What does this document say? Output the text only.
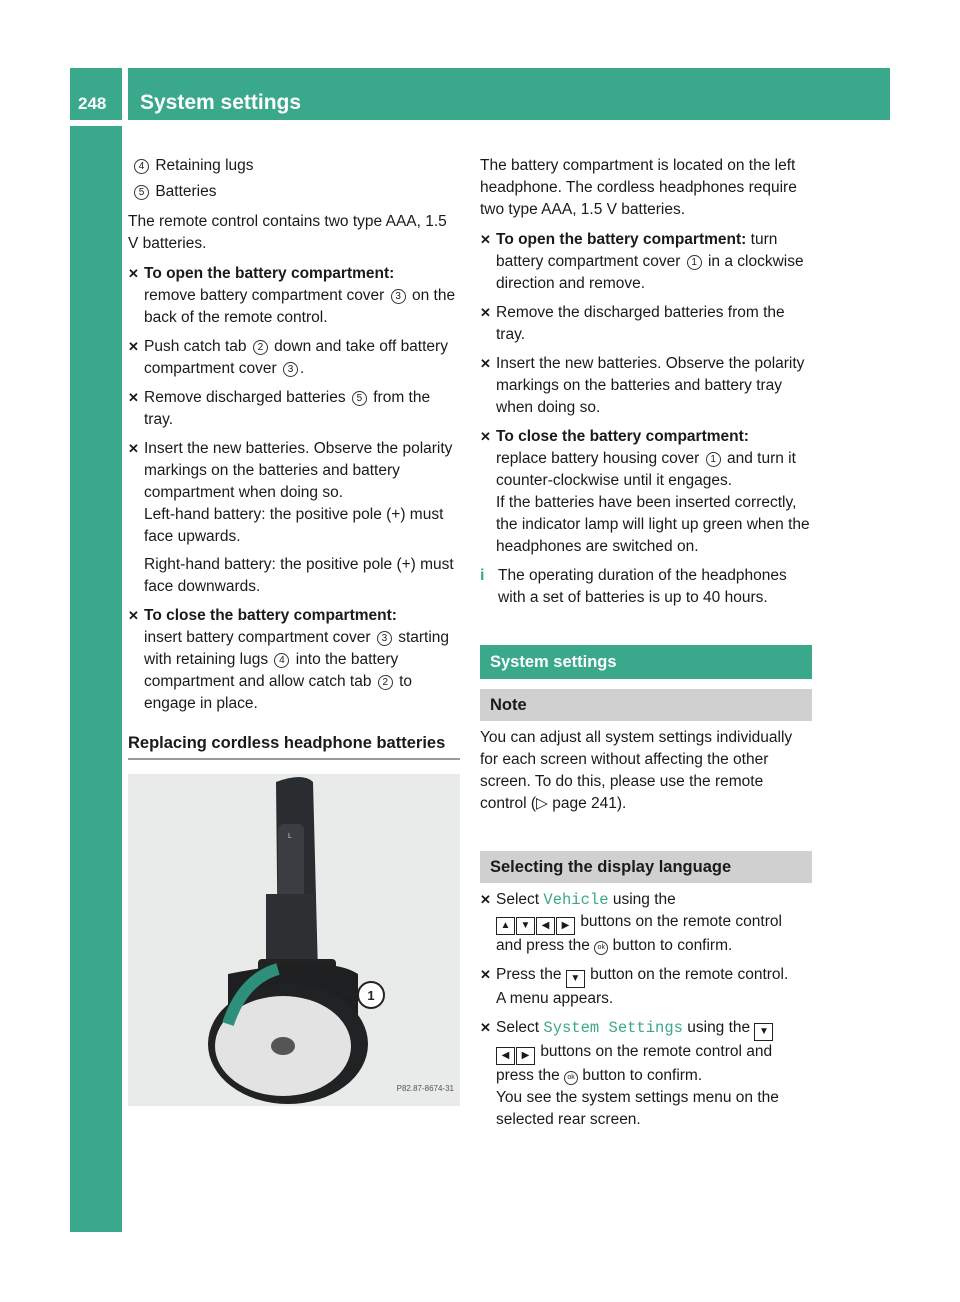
248 System settings
4 Retaining lugs
5 Batteries

The remote control contains two type AAA, 1.5 V batteries.

✕ To open the battery compartment:
remove battery compartment cover 3 on the back of the remote control.
✕ Push catch tab 2 down and take off battery compartment cover 3 .
✕ Remove discharged batteries 5 from the tray.
✕ Insert the new batteries. Observe the polarity markings on the batteries and battery compartment when doing so.
Left-hand battery: the positive pole (+) must face upwards.
Right-hand battery: the positive pole (+) must face downwards.
✕ To close the battery compartment:
insert battery compartment cover 3 starting with retaining lugs 4 into the battery compartment and allow catch tab 2 to engage in place.
Replacing cordless headphone batteries
L
1
P82.87-8674-31

The battery compartment is located on the left headphone. The cordless headphones require two type AAA, 1.5 V batteries.

✕ To open the battery compartment: turn battery compartment cover 1 in a clockwise direction and remove.
✕ Remove the discharged batteries from the tray.
✕ Insert the new batteries. Observe the polarity markings on the batteries and battery tray when doing so.
✕ To close the battery compartment:
replace battery housing cover 1 and turn it counter-clockwise until it engages.
If the batteries have been inserted correctly, the indicator lamp will light up green when the headphones are switched on.
i The operating duration of the headphones with a set of batteries is up to 40 hours.
System settings
Note

You can adjust all system settings individually for each screen without affecting the other screen. To do this, please use the remote control (▷ page 241).

Selecting the display language
✕ Select Vehicle using the
▲ ▼ ◀ ▶ buttons on the remote control and press the ok button to confirm.
✕ Press the ▼ button on the remote control.
A menu appears.
✕ Select System Settings using the ▼
◀ ▶ buttons on the remote control and press the ok button to confirm.
You see the system settings menu on the selected rear screen.
